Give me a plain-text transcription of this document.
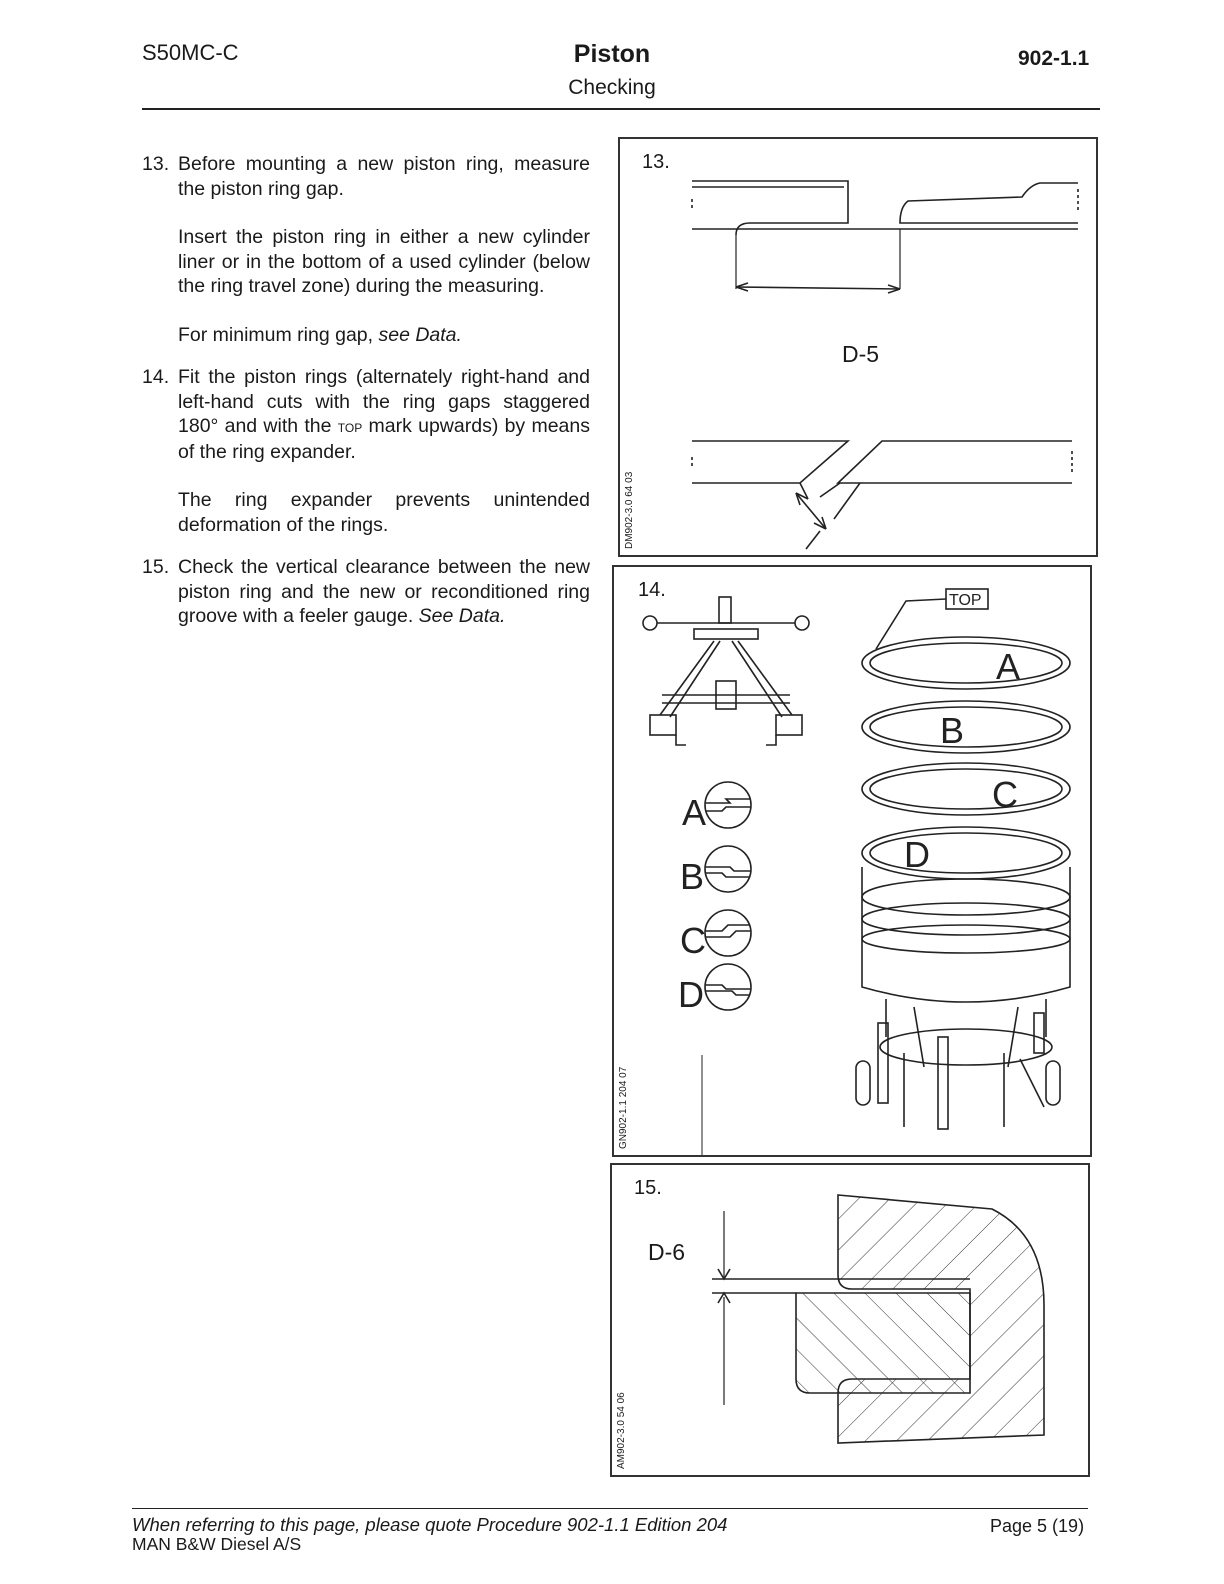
S50MC-C	Piston
Checking
902-1.1
13. Before mounting a new piston ring, measure the piston ring gap.

Insert the piston ring in either a new cylinder liner or in the bottom of a used cylinder (below the ring travel zone) during the measuring.

For minimum ring gap, see Data.

14. Fit the piston rings (alternately right-hand and left-hand cuts with the ring gaps staggered 180° and with the top mark upwards) by means of the ring expander.

The ring expander prevents unintended deformation of the rings.

15. Check the vertical clearance between the new piston ring and the new or reconditioned ring groove with a feeler gauge. See Data.

13.
D-5
DM902-3.0 64 03
14.
A
B
C
D
A
B
C
D
TOP
GN902-1.1 204 07
15.
D-6
AM902-3.0 54 06
When referring to this page, please quote Procedure 902-1.1 Edition 204
MAN B&W Diesel A/S
Page 5 (19)
